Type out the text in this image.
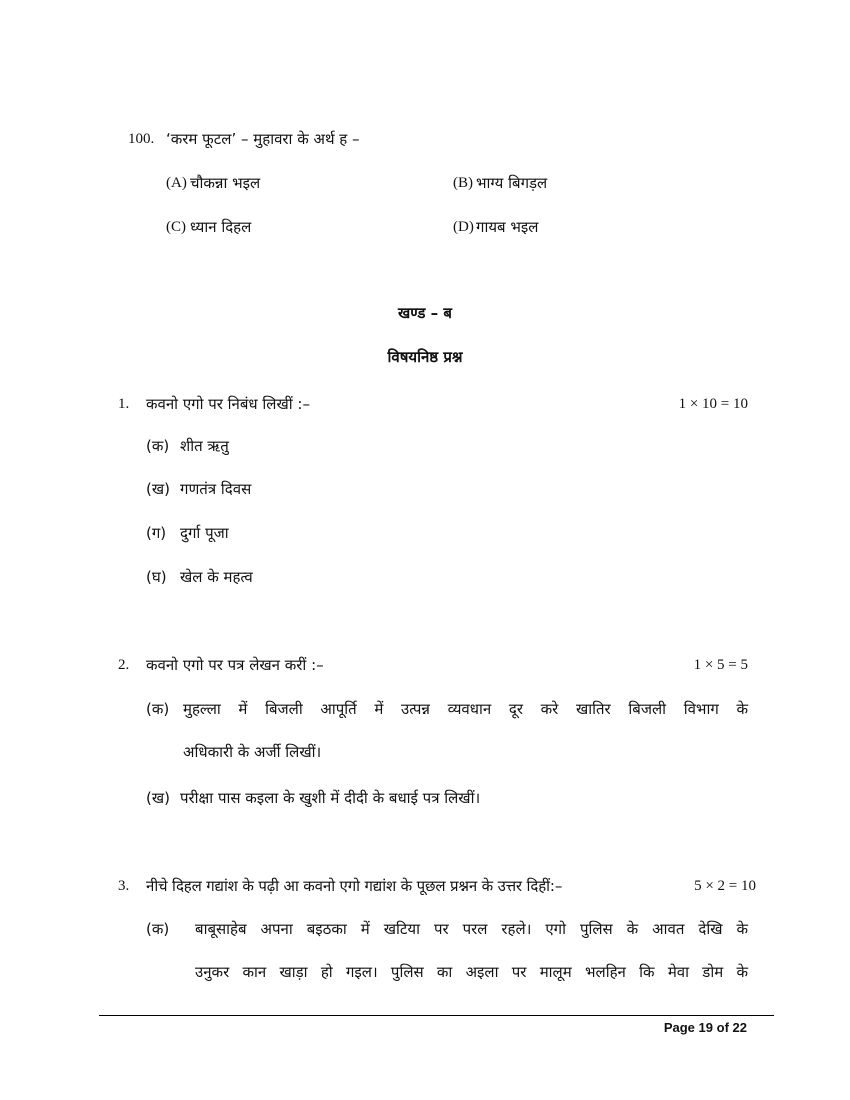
100. ‘करम फूटल’ – मुहावरा के अर्थ ह –
(A) चौकन्ना भइल	(B) भाग्य बिगड़ल
(C) ध्यान दिहल	(D) गायब भइल
खण्ड – ब
विषयनिष्ठ प्रश्न
1. कवनो एगो पर निबंध लिखीं :–	1 × 10 = 10
(क) शीत ऋतु
(ख) गणतंत्र दिवस
(ग) दुर्गा पूजा
(घ) खेल के महत्व
2. कवनो एगो पर पत्र लेखन करीं :–	1 × 5 = 5
(क) मुहल्ला में बिजली आपूर्ति में उत्पन्न व्यवधान दूर करे खातिर बिजली विभाग के
अधिकारी के अर्जी लिखीं।
(ख) परीक्षा पास कइला के खुशी में दीदी के बधाई पत्र लिखीं।
3. नीचे दिहल गद्यांश के पढ़ी आ कवनो एगो गद्यांश के पूछल प्रश्नन के उत्तर दिहीं:–	5 × 2 = 10
(क) बाबूसाहेब अपना बइठका में खटिया पर परल रहले। एगो पुलिस के आवत देखि के
उनुकर कान खाड़ा हो गइल। पुलिस का अइला पर मालूम भलहिन कि मेवा डोम के
Page 19 of 22
